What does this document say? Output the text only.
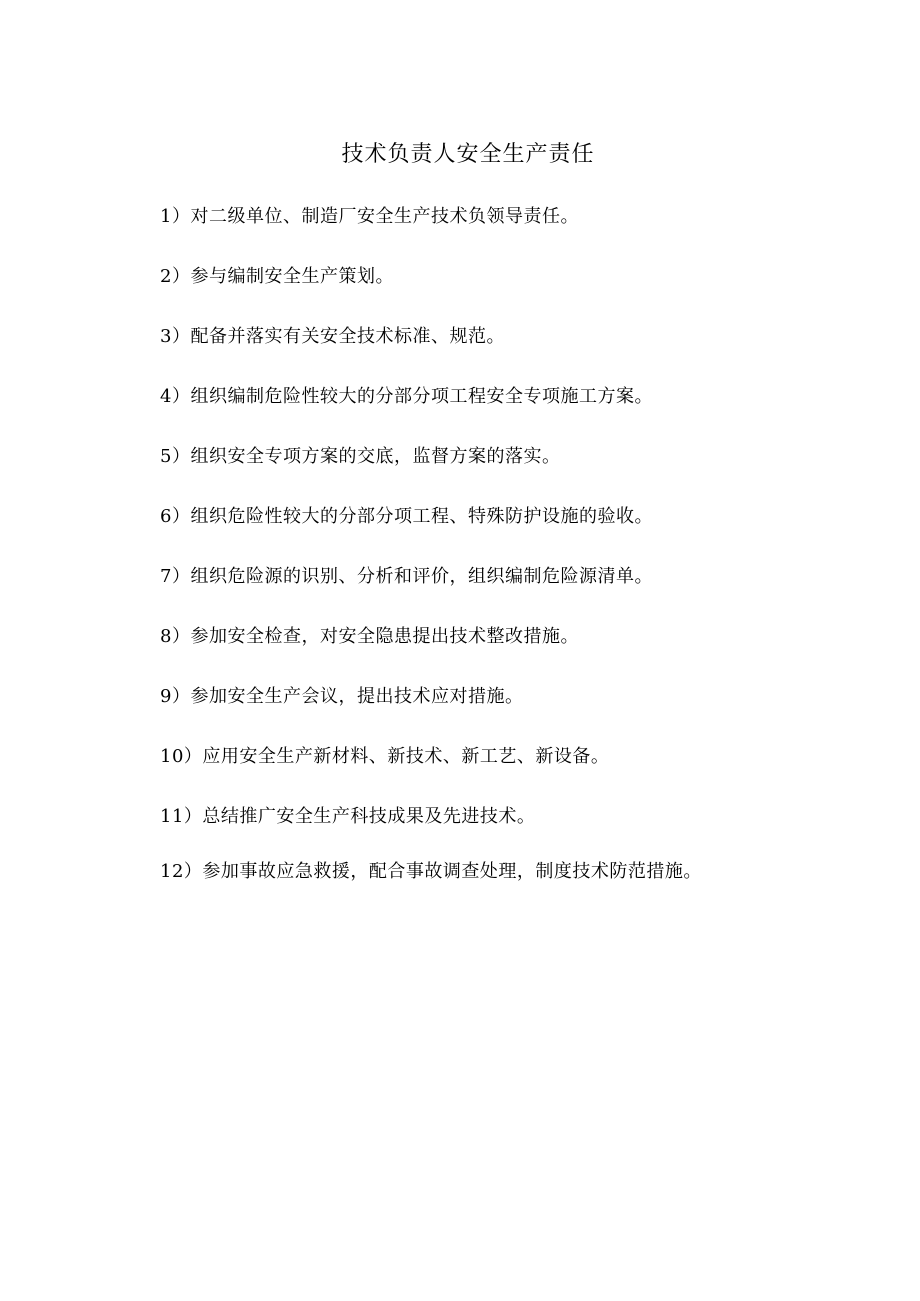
技术负责人安全生产责任
1）对二级单位、制造厂安全生产技术负领导责任。
2）参与编制安全生产策划。
3）配备并落实有关安全技术标准、规范。
4）组织编制危险性较大的分部分项工程安全专项施工方案。
5）组织安全专项方案的交底，监督方案的落实。
6）组织危险性较大的分部分项工程、特殊防护设施的验收。
7）组织危险源的识别、分析和评价，组织编制危险源清单。
8）参加安全检查，对安全隐患提出技术整改措施。
9）参加安全生产会议，提出技术应对措施。
10）应用安全生产新材料、新技术、新工艺、新设备。
11）总结推广安全生产科技成果及先进技术。
12）参加事故应急救援，配合事故调查处理，制度技术防范措施。
